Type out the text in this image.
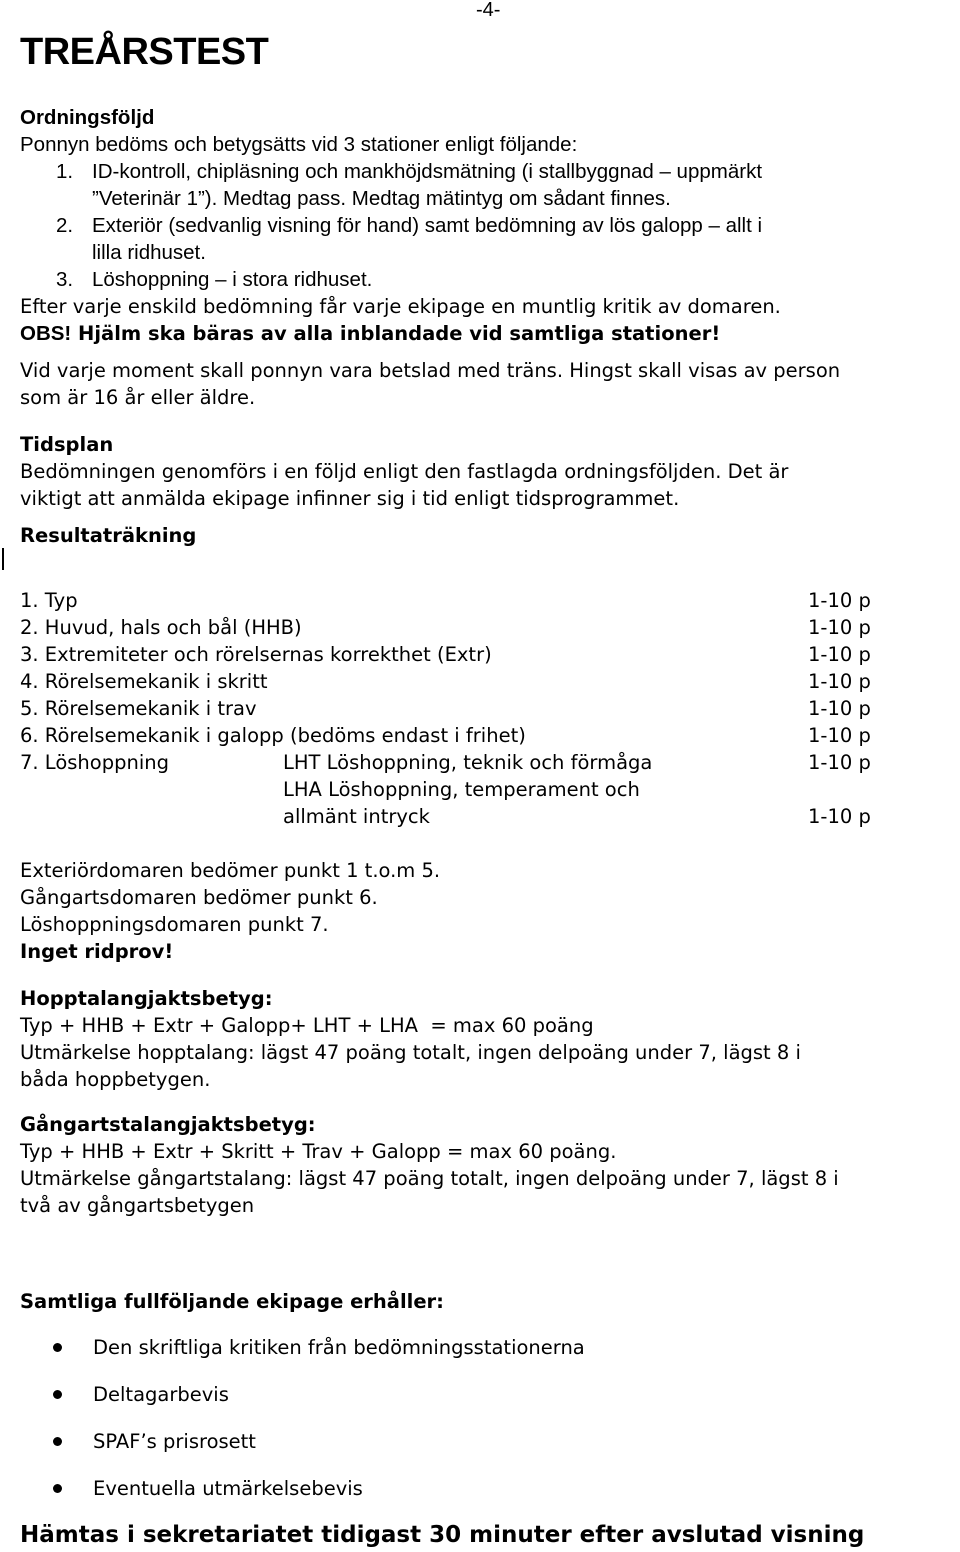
-4-
TREÅRSTEST
Ordningsföljd
Ponnyn bedöms och betygsätts vid 3 stationer enligt följande:
1. ID-kontroll, chipläsning och mankhöjdsmätning (i stallbyggnad – uppmärkt
”Veterinär 1”). Medtag pass. Medtag mätintyg om sådant finnes.
2. Exteriör (sedvanlig visning för hand) samt bedömning av lös galopp – allt i
lilla ridhuset.
3. Löshoppning – i stora ridhuset.
Efter varje enskild bedömning får varje ekipage en muntlig kritik av domaren.
OBS! Hjälm ska bäras av alla inblandade vid samtliga stationer!
Vid varje moment skall ponnyn vara betslad med träns. Hingst skall visas av person
som är 16 år eller äldre.
Tidsplan
Bedömningen genomförs i en följd enligt den fastlagda ordningsföljden. Det är
viktigt att anmälda ekipage infinner sig i tid enligt tidsprogrammet.
Resultaträkning
1. Typ	1-10 p
2. Huvud, hals och bål (HHB)	1-10 p
3. Extremiteter och rörelsernas korrekthet (Extr)	1-10 p
4. Rörelsemekanik i skritt	1-10 p
5. Rörelsemekanik i trav	1-10 p
6. Rörelsemekanik i galopp (bedöms endast i frihet)	1-10 p
7. Löshoppning	LHT Löshoppning, teknik och förmåga	1-10 p
LHA Löshoppning, temperament och
allmänt intryck	1-10 p
Exteriördomaren bedömer punkt 1 t.o.m 5.
Gångartsdomaren bedömer punkt 6.
Löshoppningsdomaren punkt 7.
Inget ridprov!
Hopptalangjaktsbetyg:
Typ + HHB + Extr + Galopp+ LHT + LHA  = max 60 poäng
Utmärkelse hopptalang: lägst 47 poäng totalt, ingen delpoäng under 7, lägst 8 i
båda hoppbetygen.
Gångartstalangjaktsbetyg:
Typ + HHB + Extr + Skritt + Trav + Galopp = max 60 poäng.
Utmärkelse gångartstalang: lägst 47 poäng totalt, ingen delpoäng under 7, lägst 8 i
två av gångartsbetygen
Samtliga fullföljande ekipage erhåller:
Den skriftliga kritiken från bedömningsstationerna
Deltagarbevis
SPAF’s prisrosett
Eventuella utmärkelsebevis
Hämtas i sekretariatet tidigast 30 minuter efter avslutad visning
